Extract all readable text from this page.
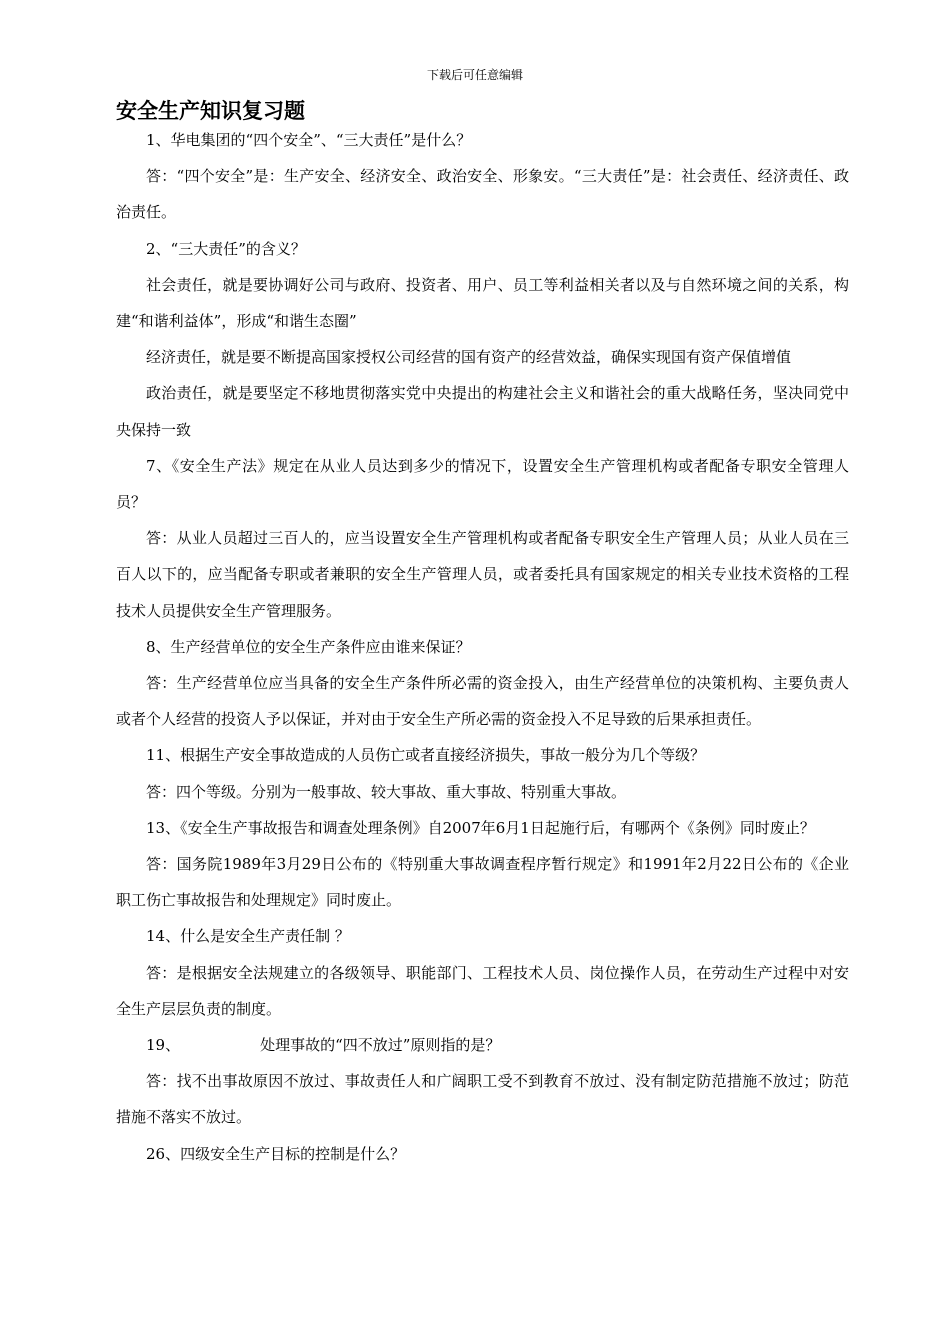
下载后可任意编辑
安全生产知识复习题

1、华电集团的“四个安全”、“三大责任”是什么？

答：“四个安全”是：生产安全、经济安全、政治安全、形象安。“三大责任”是：社会责任、经济责任、政治责任。

2、“三大责任”的含义？

社会责任，就是要协调好公司与政府、投资者、用户、员工等利益相关者以及与自然环境之间的关系，构建“和谐利益体”，形成“和谐生态圈”

经济责任，就是要不断提高国家授权公司经营的国有资产的经营效益，确保实现国有资产保值增值

政治责任，就是要坚定不移地贯彻落实党中央提出的构建社会主义和谐社会的重大战略任务，坚决同党中央保持一致

7、《安全生产法》规定在从业人员达到多少的情况下，设置安全生产管理机构或者配备专职安全管理人员？

答：从业人员超过三百人的，应当设置安全生产管理机构或者配备专职安全生产管理人员；从业人员在三百人以下的，应当配备专职或者兼职的安全生产管理人员，或者委托具有国家规定的相关专业技术资格的工程技术人员提供安全生产管理服务。

8、生产经营单位的安全生产条件应由谁来保证？

答：生产经营单位应当具备的安全生产条件所必需的资金投入，由生产经营单位的决策机构、主要负责人或者个人经营的投资人予以保证，并对由于安全生产所必需的资金投入不足导致的后果承担责任。

11、根据生产安全事故造成的人员伤亡或者直接经济损失，事故一般分为几个等级？

答：四个等级。分别为一般事故、较大事故、重大事故、特别重大事故。

13、《安全生产事故报告和调查处理条例》自2007年6月1日起施行后，有哪两个《条例》同时废止？

答：国务院1989年3月29日公布的《特别重大事故调查程序暂行规定》和1991年2月22日公布的《企业职工伤亡事故报告和处理规定》同时废止。

14、什么是安全生产责任制 ？

答：是根据安全法规建立的各级领导、职能部门、工程技术人员、岗位操作人员，在劳动生产过程中对安全生产层层负责的制度。

19、	处理事故的“四不放过”原则指的是？

答：找不出事故原因不放过、事故责任人和广阔职工受不到教育不放过、没有制定防范措施不放过；防范措施不落实不放过。

26、四级安全生产目标的控制是什么？
